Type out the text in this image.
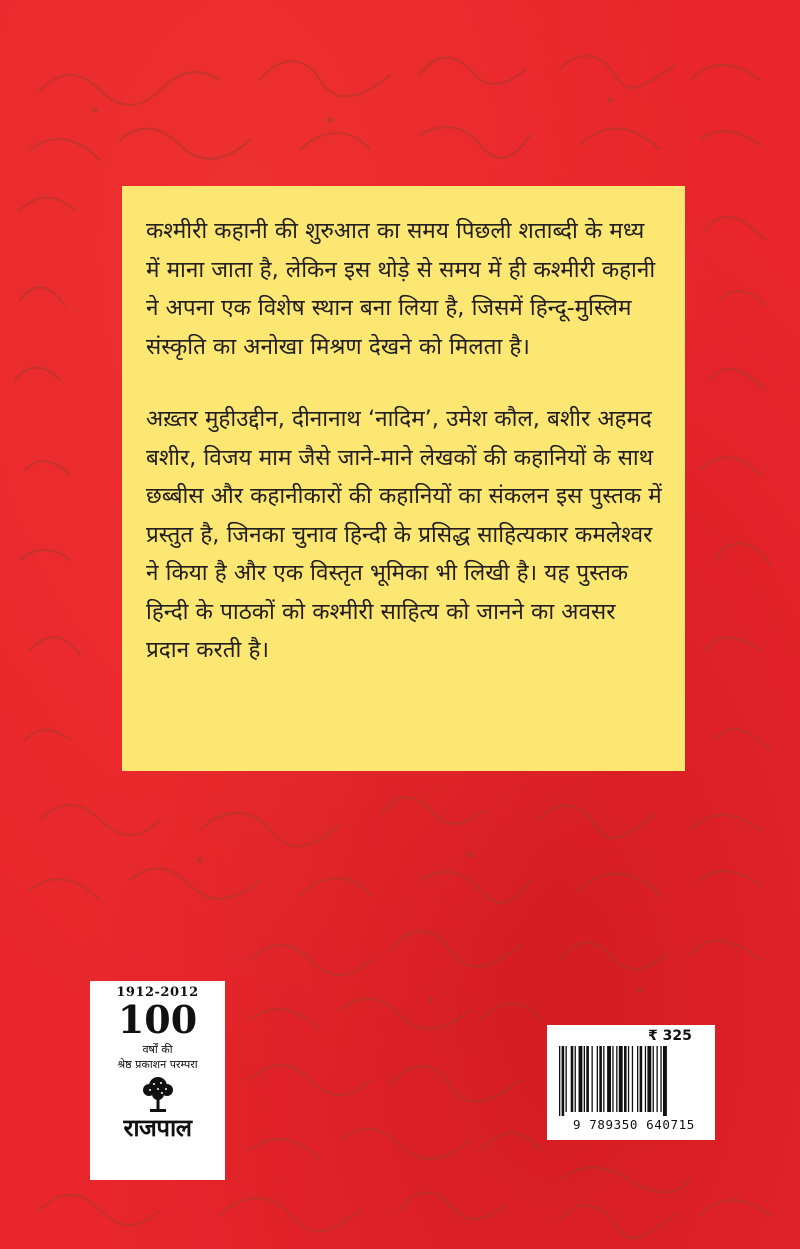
कश्मीरी कहानी की शुरुआत का समय पिछली शताब्दी के मध्य में माना जाता है, लेकिन इस थोड़े से समय में ही कश्मीरी कहानी ने अपना एक विशेष स्थान बना लिया है, जिसमें हिन्दू-मुस्लिम संस्कृति का अनोखा मिश्रण देखने को मिलता है।

अख़्तर मुहीउद्दीन, दीनानाथ ‘नादिम’, उमेश कौल, बशीर अहमद बशीर, विजय माम जैसे जाने-माने लेखकों की कहानियों के साथ छब्बीस और कहानीकारों की कहानियों का संकलन इस पुस्तक में प्रस्तुत है, जिनका चुनाव हिन्दी के प्रसिद्ध साहित्यकार कमलेश्वर ने किया है और एक विस्तृत भूमिका भी लिखी है। यह पुस्तक हिन्दी के पाठकों को कश्मीरी साहित्य को जानने का अवसर प्रदान करती है।

1912-2012
100
वर्षों की
श्रेष्ठ प्रकाशन परम्परा
राजपाल
₹ 325
9 789350 640715
